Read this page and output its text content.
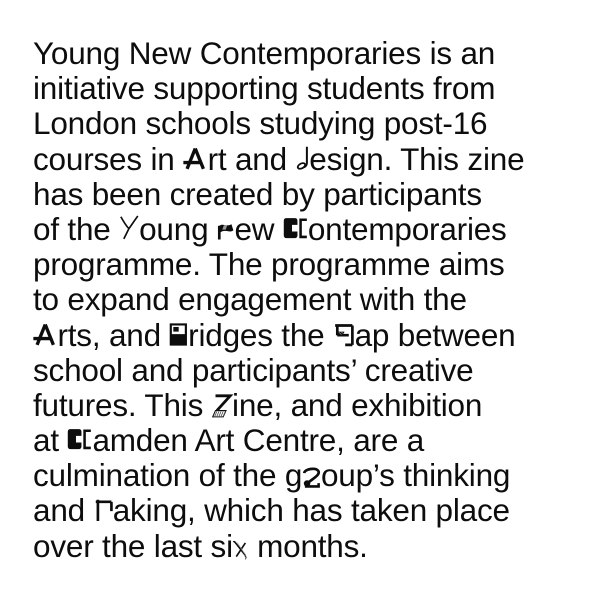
Young New Contemporaries is an
initiative supporting students from
London schools studying post-16
courses in rt and esign. This zine
has been created by participants
of the oung ew ontemporaries
programme. The programme aims
to expand engagement with the
rts, and ridges the ap between
school and participants’ creative
futures. This ine, and exhibition
at amden Art Centre, are a
culmination of the g oup’s thinking
and aking, which has taken place
over the last si months.
